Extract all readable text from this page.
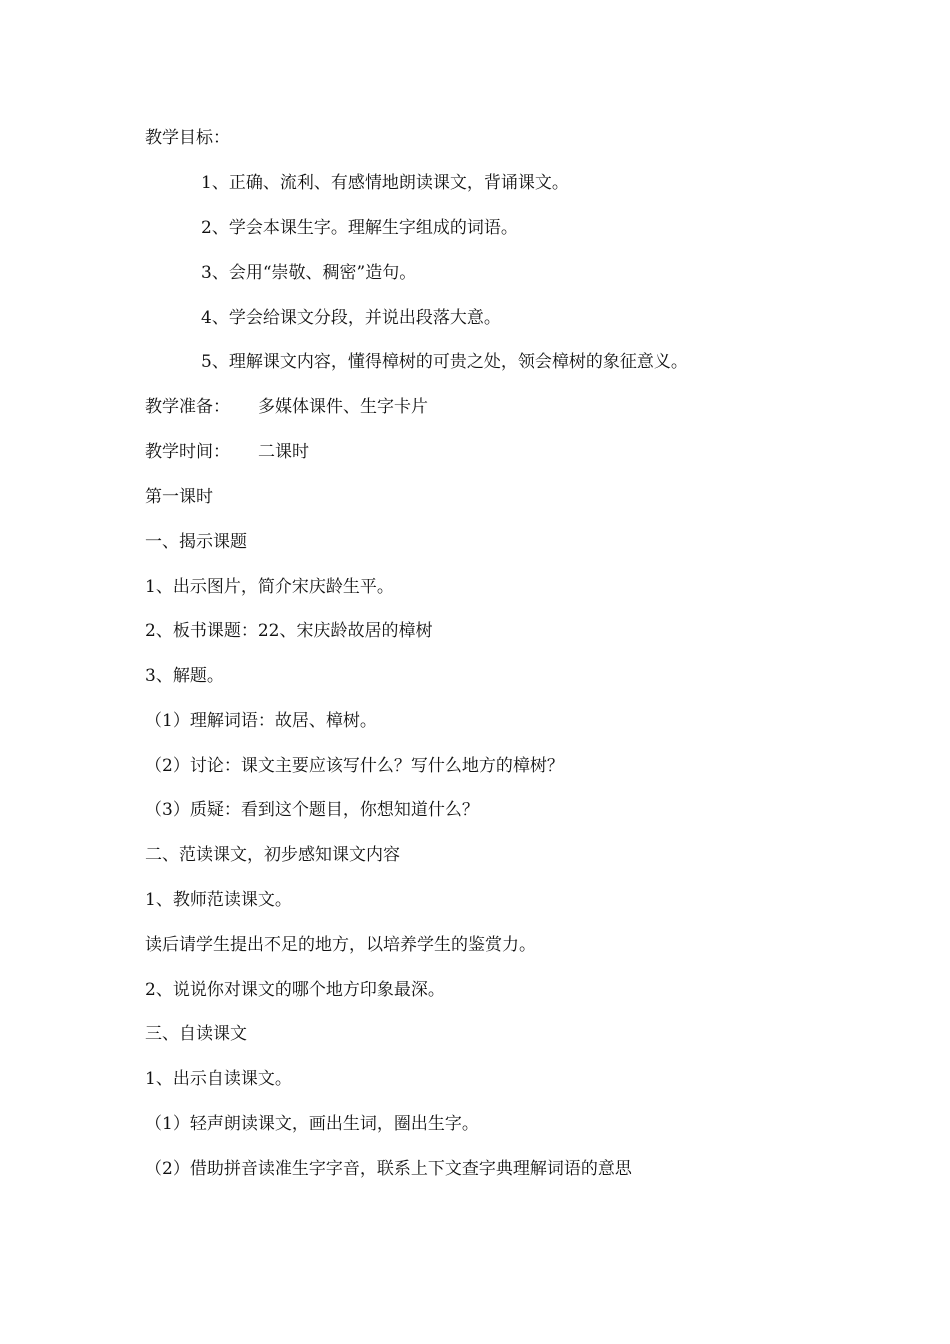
教学目标：
1、正确、流利、有感情地朗读课文，背诵课文。
2、学会本课生字。理解生字组成的词语。
3、会用“崇敬、稠密”造句。
4、学会给课文分段，并说出段落大意。
5、理解课文内容，懂得樟树的可贵之处，领会樟树的象征意义。
教学准备： 多媒体课件、生字卡片
教学时间： 二课时
第一课时
一、揭示课题
1、出示图片，简介宋庆龄生平。
2、板书课题：22、宋庆龄故居的樟树
3、解题。
（1）理解词语：故居、樟树。
（2）讨论：课文主要应该写什么？写什么地方的樟树？
（3）质疑：看到这个题目，你想知道什么？
二、范读课文，初步感知课文内容
1、教师范读课文。
读后请学生提出不足的地方，以培养学生的鉴赏力。
2、说说你对课文的哪个地方印象最深。
三、自读课文
1、出示自读课文。
（1）轻声朗读课文，画出生词，圈出生字。
（2）借助拼音读准生字字音，联系上下文查字典理解词语的意思
